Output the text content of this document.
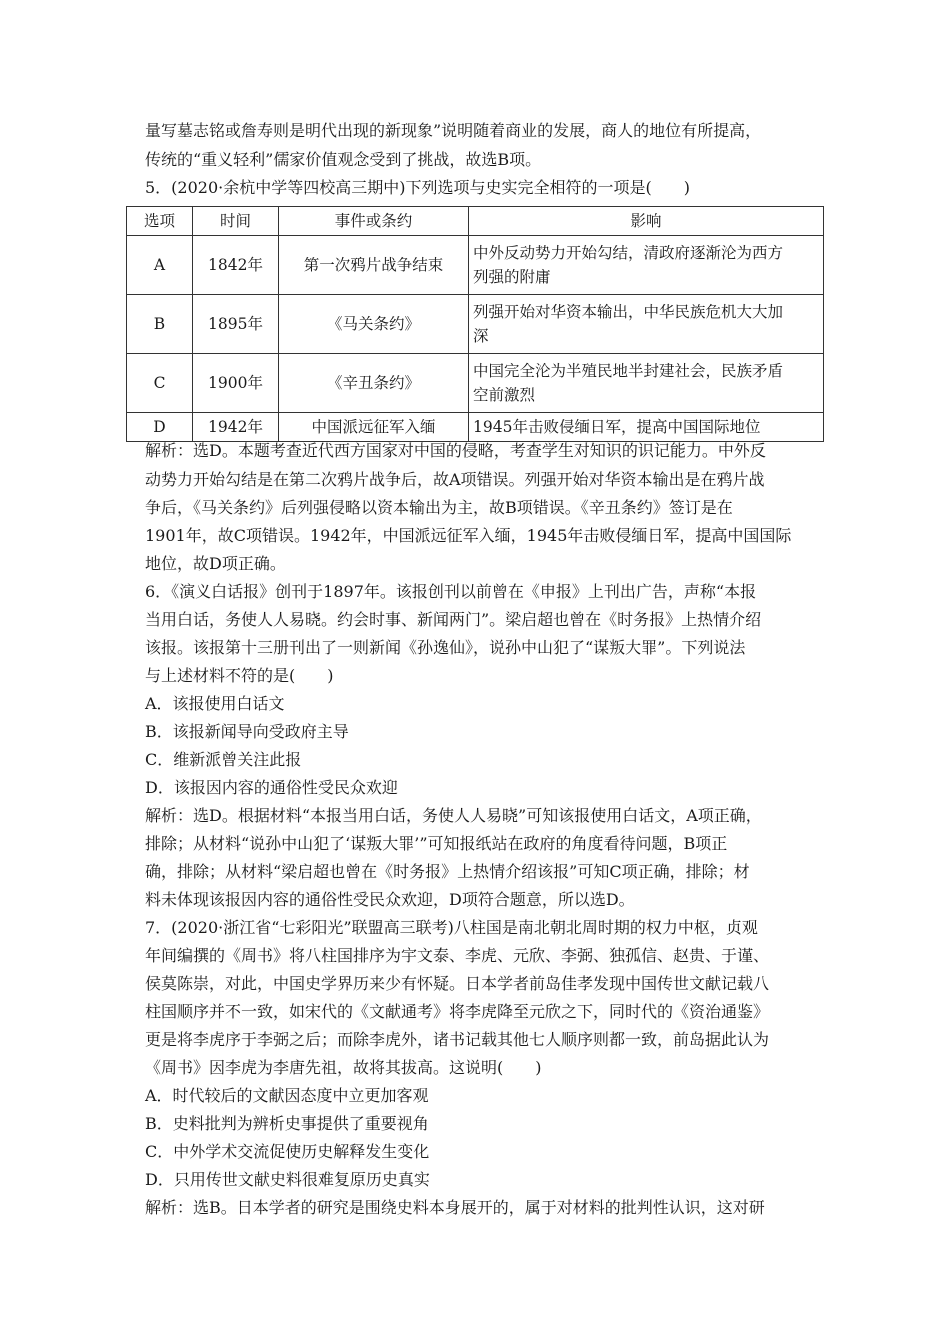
量写墓志铭或詹寿则是明代出现的新现象”说明随着商业的发展，商人的地位有所提高，
传统的“重义轻利”儒家价值观念受到了挑战，故选B项。
5．(2020·余杭中学等四校高三期中)下列选项与史实完全相符的一项是(　　)
选项	时间	事件或条约	影响
A	1842年	第一次鸦片战争结束	中外反动势力开始勾结，清政府逐渐沦为西方
列强的附庸

B	1895年	《马关条约》	列强开始对华资本输出，中华民族危机大大加
深

C	1900年	《辛丑条约》	中国完全沦为半殖民地半封建社会，民族矛盾
空前激烈

D	1942年	中国派远征军入缅	1945年击败侵缅日军，提高中国国际地位
解析：选D。本题考查近代西方国家对中国的侵略，考查学生对知识的识记能力。中外反
动势力开始勾结是在第二次鸦片战争后，故A项错误。列强开始对华资本输出是在鸦片战
争后，《马关条约》后列强侵略以资本输出为主，故B项错误。《辛丑条约》签订是在
1901年，故C项错误。1942年，中国派远征军入缅，1945年击败侵缅日军，提高中国国际
地位，故D项正确。
6．《演义白话报》创刊于1897年。该报创刊以前曾在《申报》上刊出广告，声称“本报
当用白话，务使人人易晓。约会时事、新闻两门”。梁启超也曾在《时务报》上热情介绍
该报。该报第十三册刊出了一则新闻《孙逸仙》，说孙中山犯了“谋叛大罪”。下列说法
与上述材料不符的是(　　)
A．该报使用白话文
B．该报新闻导向受政府主导
C．维新派曾关注此报
D．该报因内容的通俗性受民众欢迎
解析：选D。根据材料“本报当用白话，务使人人易晓”可知该报使用白话文，A项正确，
排除；从材料“说孙中山犯了‘谋叛大罪’”可知报纸站在政府的角度看待问题，B项正
确，排除；从材料“梁启超也曾在《时务报》上热情介绍该报”可知C项正确，排除；材
料未体现该报因内容的通俗性受民众欢迎，D项符合题意，所以选D。
7．(2020·浙江省“七彩阳光”联盟高三联考)八柱国是南北朝北周时期的权力中枢，贞观
年间编撰的《周书》将八柱国排序为宇文泰、李虎、元欣、李弼、独孤信、赵贵、于谨、
侯莫陈崇，对此，中国史学界历来少有怀疑。日本学者前岛佳孝发现中国传世文献记载八
柱国顺序并不一致，如宋代的《文献通考》将李虎降至元欣之下，同时代的《资治通鉴》
更是将李虎序于李弼之后；而除李虎外，诸书记载其他七人顺序则都一致，前岛据此认为
《周书》因李虎为李唐先祖，故将其拔高。这说明(　　)
A．时代较后的文献因态度中立更加客观
B．史料批判为辨析史事提供了重要视角
C．中外学术交流促使历史解释发生变化
D．只用传世文献史料很难复原历史真实
解析：选B。日本学者的研究是围绕史料本身展开的，属于对材料的批判性认识，这对研
